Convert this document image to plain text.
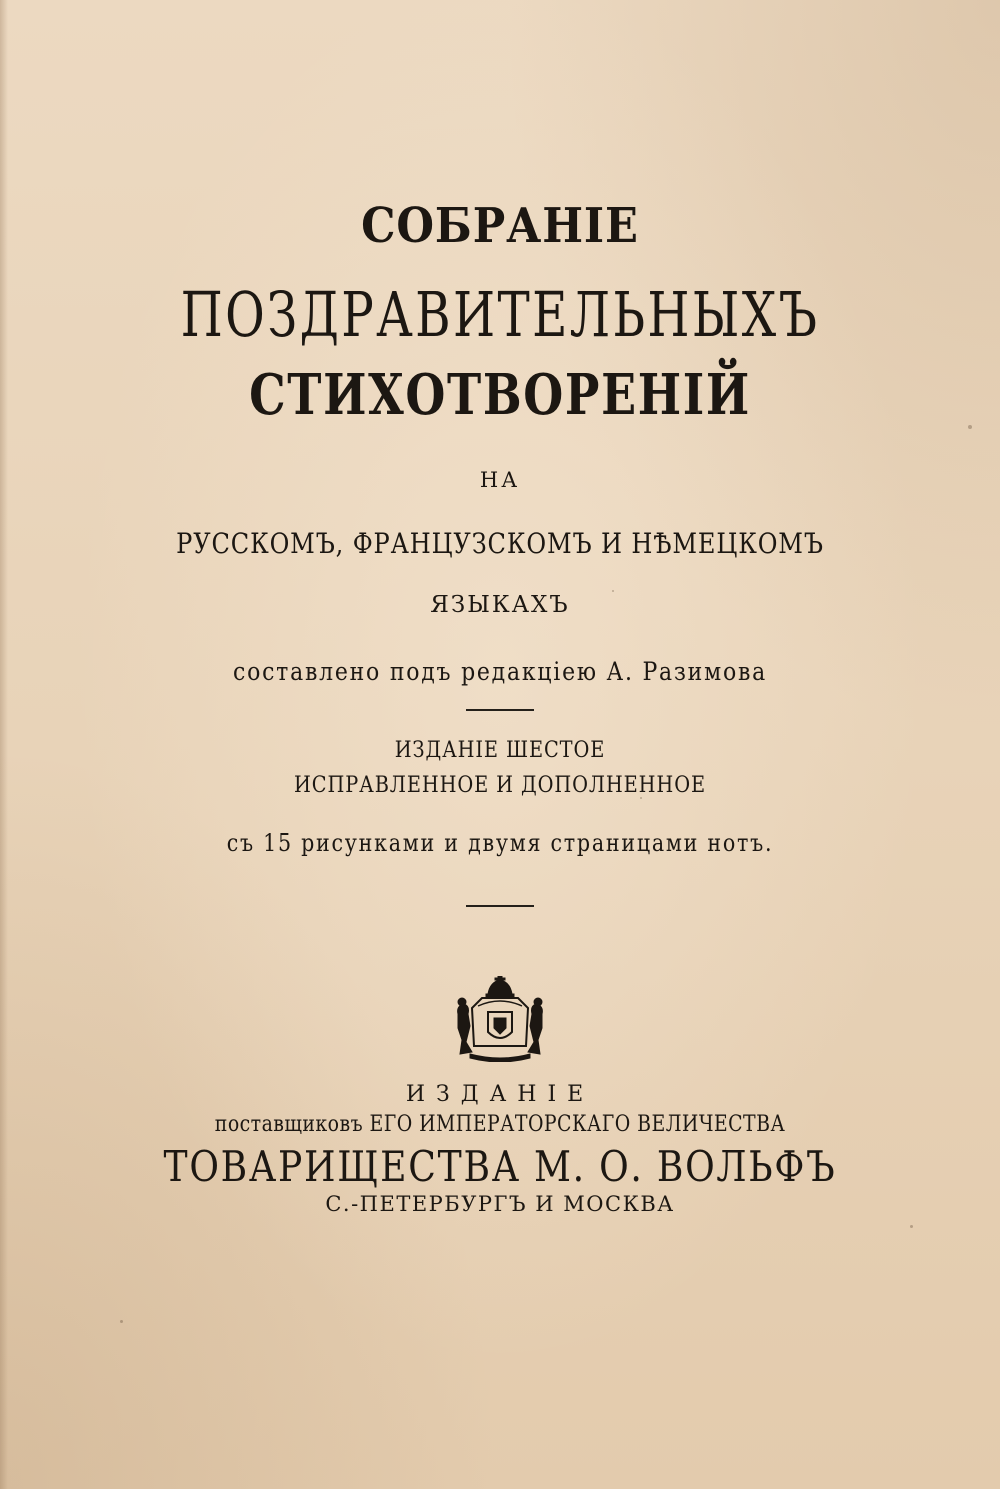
СОБРАНІЕ
ПОЗДРАВИТЕЛЬНЫХЪ
СТИХОТВОРЕНІЙ

НА

РУССКОМЪ, ФРАНЦУЗСКОМЪ И НѢМЕЦКОМЪ

ЯЗЫКАХЪ

составлено подъ редакціею А. Разимова

ИЗДАНІЕ ШЕСТОЕ

ИСПРАВЛЕННОЕ И ДОПОЛНЕННОЕ

съ 15 рисунками и двумя страницами нотъ.

ИЗДАНІЕ

поставщиковъ ЕГО ИМПЕРАТОРСКАГО ВЕЛИЧЕСТВА

ТОВАРИЩЕСТВА М. О. ВОЛЬФЪ

С.-ПЕТЕРБУРГЪ И МОСКВА
